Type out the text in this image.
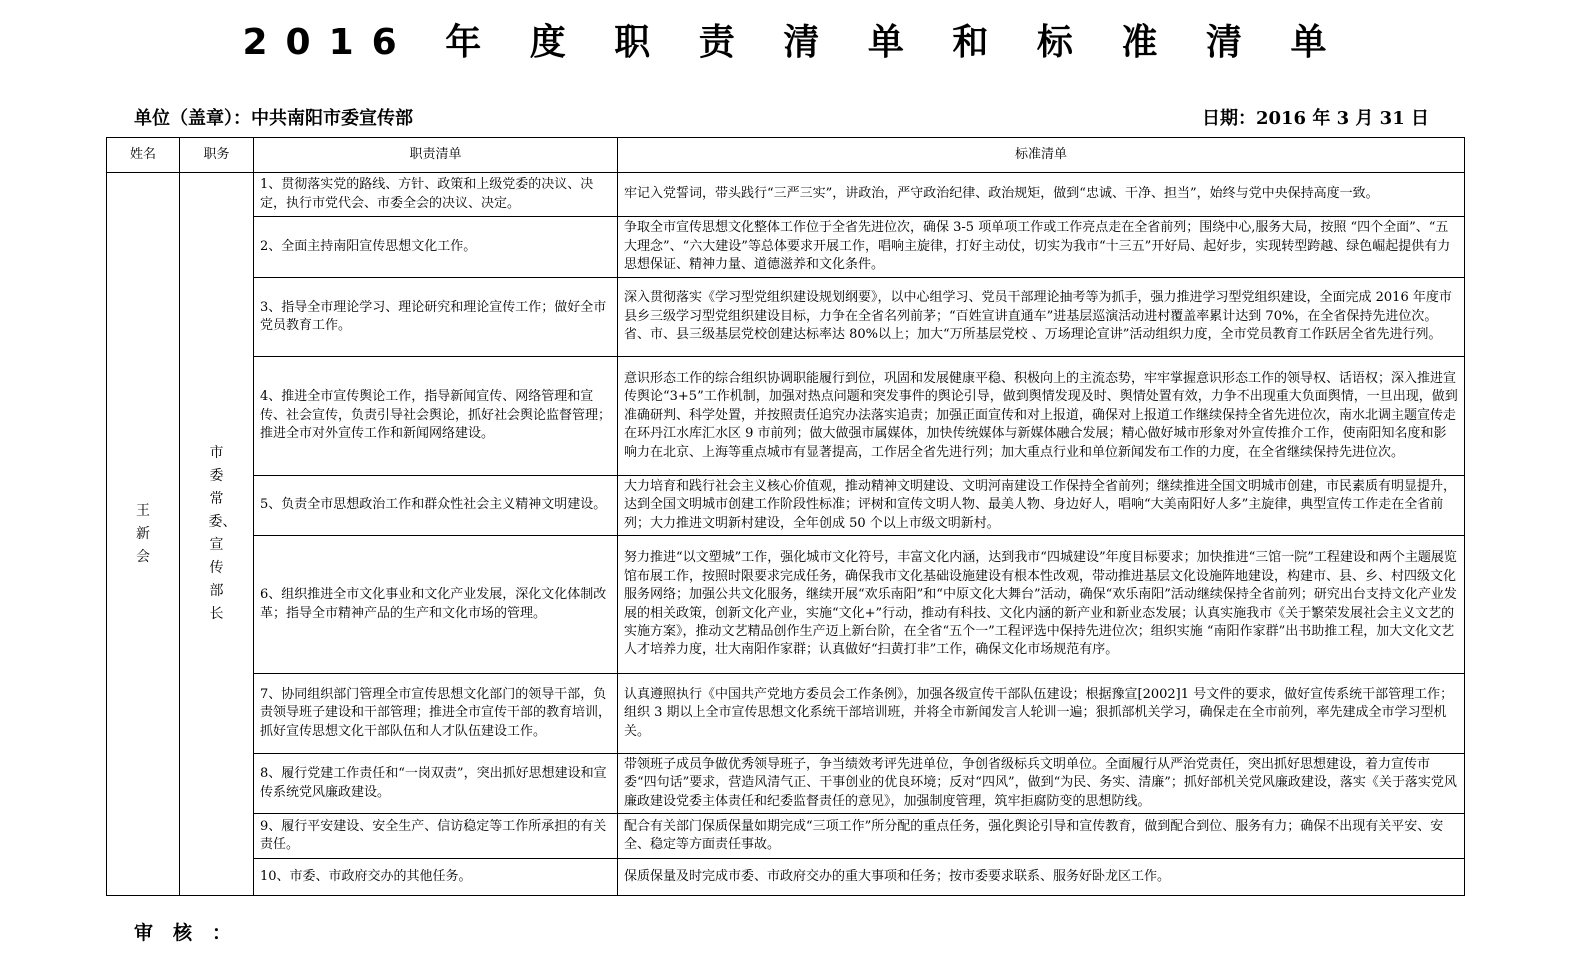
2016 年 度 职 责 清 单 和 标 准 清 单
单位（盖章）：中共南阳市委宣传部	日期：2016 年 3 月 31 日
姓名	职务	职责清单	标准清单
王新会	市委常委、宣传部长	1、贯彻落实党的路线、方针、政策和上级党委的决议、决定，执行市党代会、市委全会的决议、决定。	牢记入党誓词，带头践行“三严三实”，讲政治，严守政治纪律、政治规矩，做到“忠诚、干净、担当”，始终与党中央保持高度一致。
		2、全面主持南阳宣传思想文化工作。	争取全市宣传思想文化整体工作位于全省先进位次，确保 3-5 项单项工作或工作亮点走在全省前列；围绕中心,服务大局，按照 “四个全面”、“五大理念”、“六大建设”等总体要求开展工作，唱响主旋律，打好主动仗，切实为我市“十三五”开好局、起好步，实现转型跨越、绿色崛起提供有力思想保证、精神力量、道德滋养和文化条件。
		3、指导全市理论学习、理论研究和理论宣传工作；做好全市党员教育工作。	深入贯彻落实《学习型党组织建设规划纲要》，以中心组学习、党员干部理论抽考等为抓手，强力推进学习型党组织建设，全面完成 2016 年度市县乡三级学习型党组织建设目标，力争在全省名列前茅；“百姓宣讲直通车”进基层巡演活动进村覆盖率累计达到 70%，在全省保持先进位次。省、市、县三级基层党校创建达标率达 80%以上；加大“万所基层党校 、万场理论宣讲”活动组织力度，全市党员教育工作跃居全省先进行列。
		4、推进全市宣传舆论工作，指导新闻宣传、网络管理和宣传、社会宣传，负责引导社会舆论，抓好社会舆论监督管理；推进全市对外宣传工作和新闻网络建设。	意识形态工作的综合组织协调职能履行到位，巩固和发展健康平稳、积极向上的主流态势，牢牢掌握意识形态工作的领导权、话语权；深入推进宣传舆论“3+5”工作机制，加强对热点问题和突发事件的舆论引导，做到舆情发现及时、舆情处置有效，力争不出现重大负面舆情，一旦出现，做到准确研判、科学处置，并按照责任追究办法落实追责；加强正面宣传和对上报道，确保对上报道工作继续保持全省先进位次，南水北调主题宣传走在环丹江水库汇水区 9 市前列；做大做强市属媒体，加快传统媒体与新媒体融合发展；精心做好城市形象对外宣传推介工作，使南阳知名度和影响力在北京、上海等重点城市有显著提高，工作居全省先进行列；加大重点行业和单位新闻发布工作的力度，在全省继续保持先进位次。
		5、负责全市思想政治工作和群众性社会主义精神文明建设。	大力培育和践行社会主义核心价值观，推动精神文明建设、文明河南建设工作保持全省前列；继续推进全国文明城市创建，市民素质有明显提升，达到全国文明城市创建工作阶段性标准；评树和宣传文明人物、最美人物、身边好人，唱响“大美南阳好人多”主旋律，典型宣传工作走在全省前列；大力推进文明新村建设，全年创成 50 个以上市级文明新村。
		6、组织推进全市文化事业和文化产业发展，深化文化体制改革；指导全市精神产品的生产和文化市场的管理。	努力推进“以文塑城”工作，强化城市文化符号，丰富文化内涵，达到我市“四城建设”年度目标要求；加快推进“三馆一院”工程建设和两个主题展览馆布展工作，按照时限要求完成任务，确保我市文化基础设施建设有根本性改观，带动推进基层文化设施阵地建设，构建市、县、乡、村四级文化服务网络；加强公共文化服务，继续开展“欢乐南阳”和“中原文化大舞台”活动，确保“欢乐南阳”活动继续保持全省前列；研究出台支持文化产业发展的相关政策，创新文化产业，实施“文化+”行动，推动有科技、文化内涵的新产业和新业态发展；认真实施我市《关于繁荣发展社会主义文艺的实施方案》，推动文艺精品创作生产迈上新台阶，在全省“五个一”工程评选中保持先进位次；组织实施 “南阳作家群”出书助推工程，加大文化文艺人才培养力度，壮大南阳作家群；认真做好“扫黄打非”工作，确保文化市场规范有序。
		7、协同组织部门管理全市宣传思想文化部门的领导干部，负责领导班子建设和干部管理；推进全市宣传干部的教育培训，抓好宣传思想文化干部队伍和人才队伍建设工作。	认真遵照执行《中国共产党地方委员会工作条例》，加强各级宣传干部队伍建设；根据豫宣[2002]1 号文件的要求，做好宣传系统干部管理工作；组织 3 期以上全市宣传思想文化系统干部培训班，并将全市新闻发言人轮训一遍；狠抓部机关学习，确保走在全市前列，率先建成全市学习型机关。
		8、履行党建工作责任和“一岗双责”，突出抓好思想建设和宣传系统党风廉政建设。	带领班子成员争做优秀领导班子，争当绩效考评先进单位，争创省级标兵文明单位。全面履行从严治党责任，突出抓好思想建设，着力宣传市委“四句话”要求，营造风清气正、干事创业的优良环境；反对“四风”，做到“为民、务实、清廉”；抓好部机关党风廉政建设，落实《关于落实党风廉政建设党委主体责任和纪委监督责任的意见》，加强制度管理，筑牢拒腐防变的思想防线。
		9、履行平安建设、安全生产、信访稳定等工作所承担的有关责任。	配合有关部门保质保量如期完成“三项工作”所分配的重点任务，强化舆论引导和宣传教育，做到配合到位、服务有力；确保不出现有关平安、安全、稳定等方面责任事故。
		10、市委、市政府交办的其他任务。	保质保量及时完成市委、市政府交办的重大事项和任务；按市委要求联系、服务好卧龙区工作。
审核：
